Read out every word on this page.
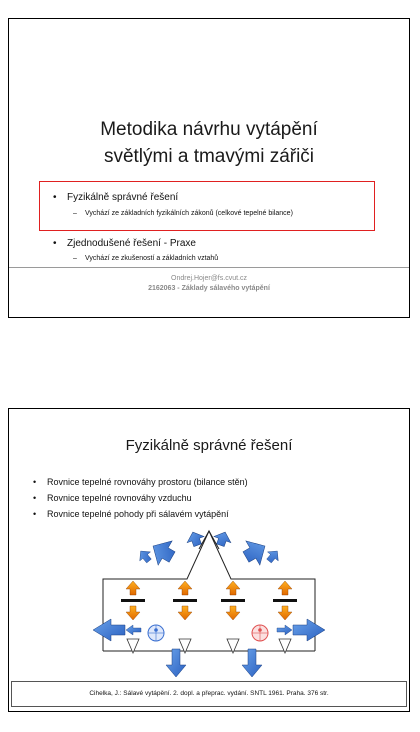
Metodika návrhu vytápění
světlými a tmavými zářiči
• Fyzikálně správné řešení
– Vychází ze základních fyzikálních zákonů (celkové tepelné bilance)
• Zjednodušené řešení - Praxe
– Vychází ze zkušeností a základních vztahů
Ondrej.Hojer@fs.cvut.cz
2162063 - Základy sálavého vytápění
Fyzikálně správné řešení
• Rovnice tepelné rovnováhy prostoru (bilance stěn)
• Rovnice tepelné rovnováhy vzduchu
• Rovnice tepelné pohody při sálavém vytápění
Cihelka, J.: Sálavé vytápění. 2. dopl. a přeprac. vydání. SNTL 1961. Praha. 376 str.
